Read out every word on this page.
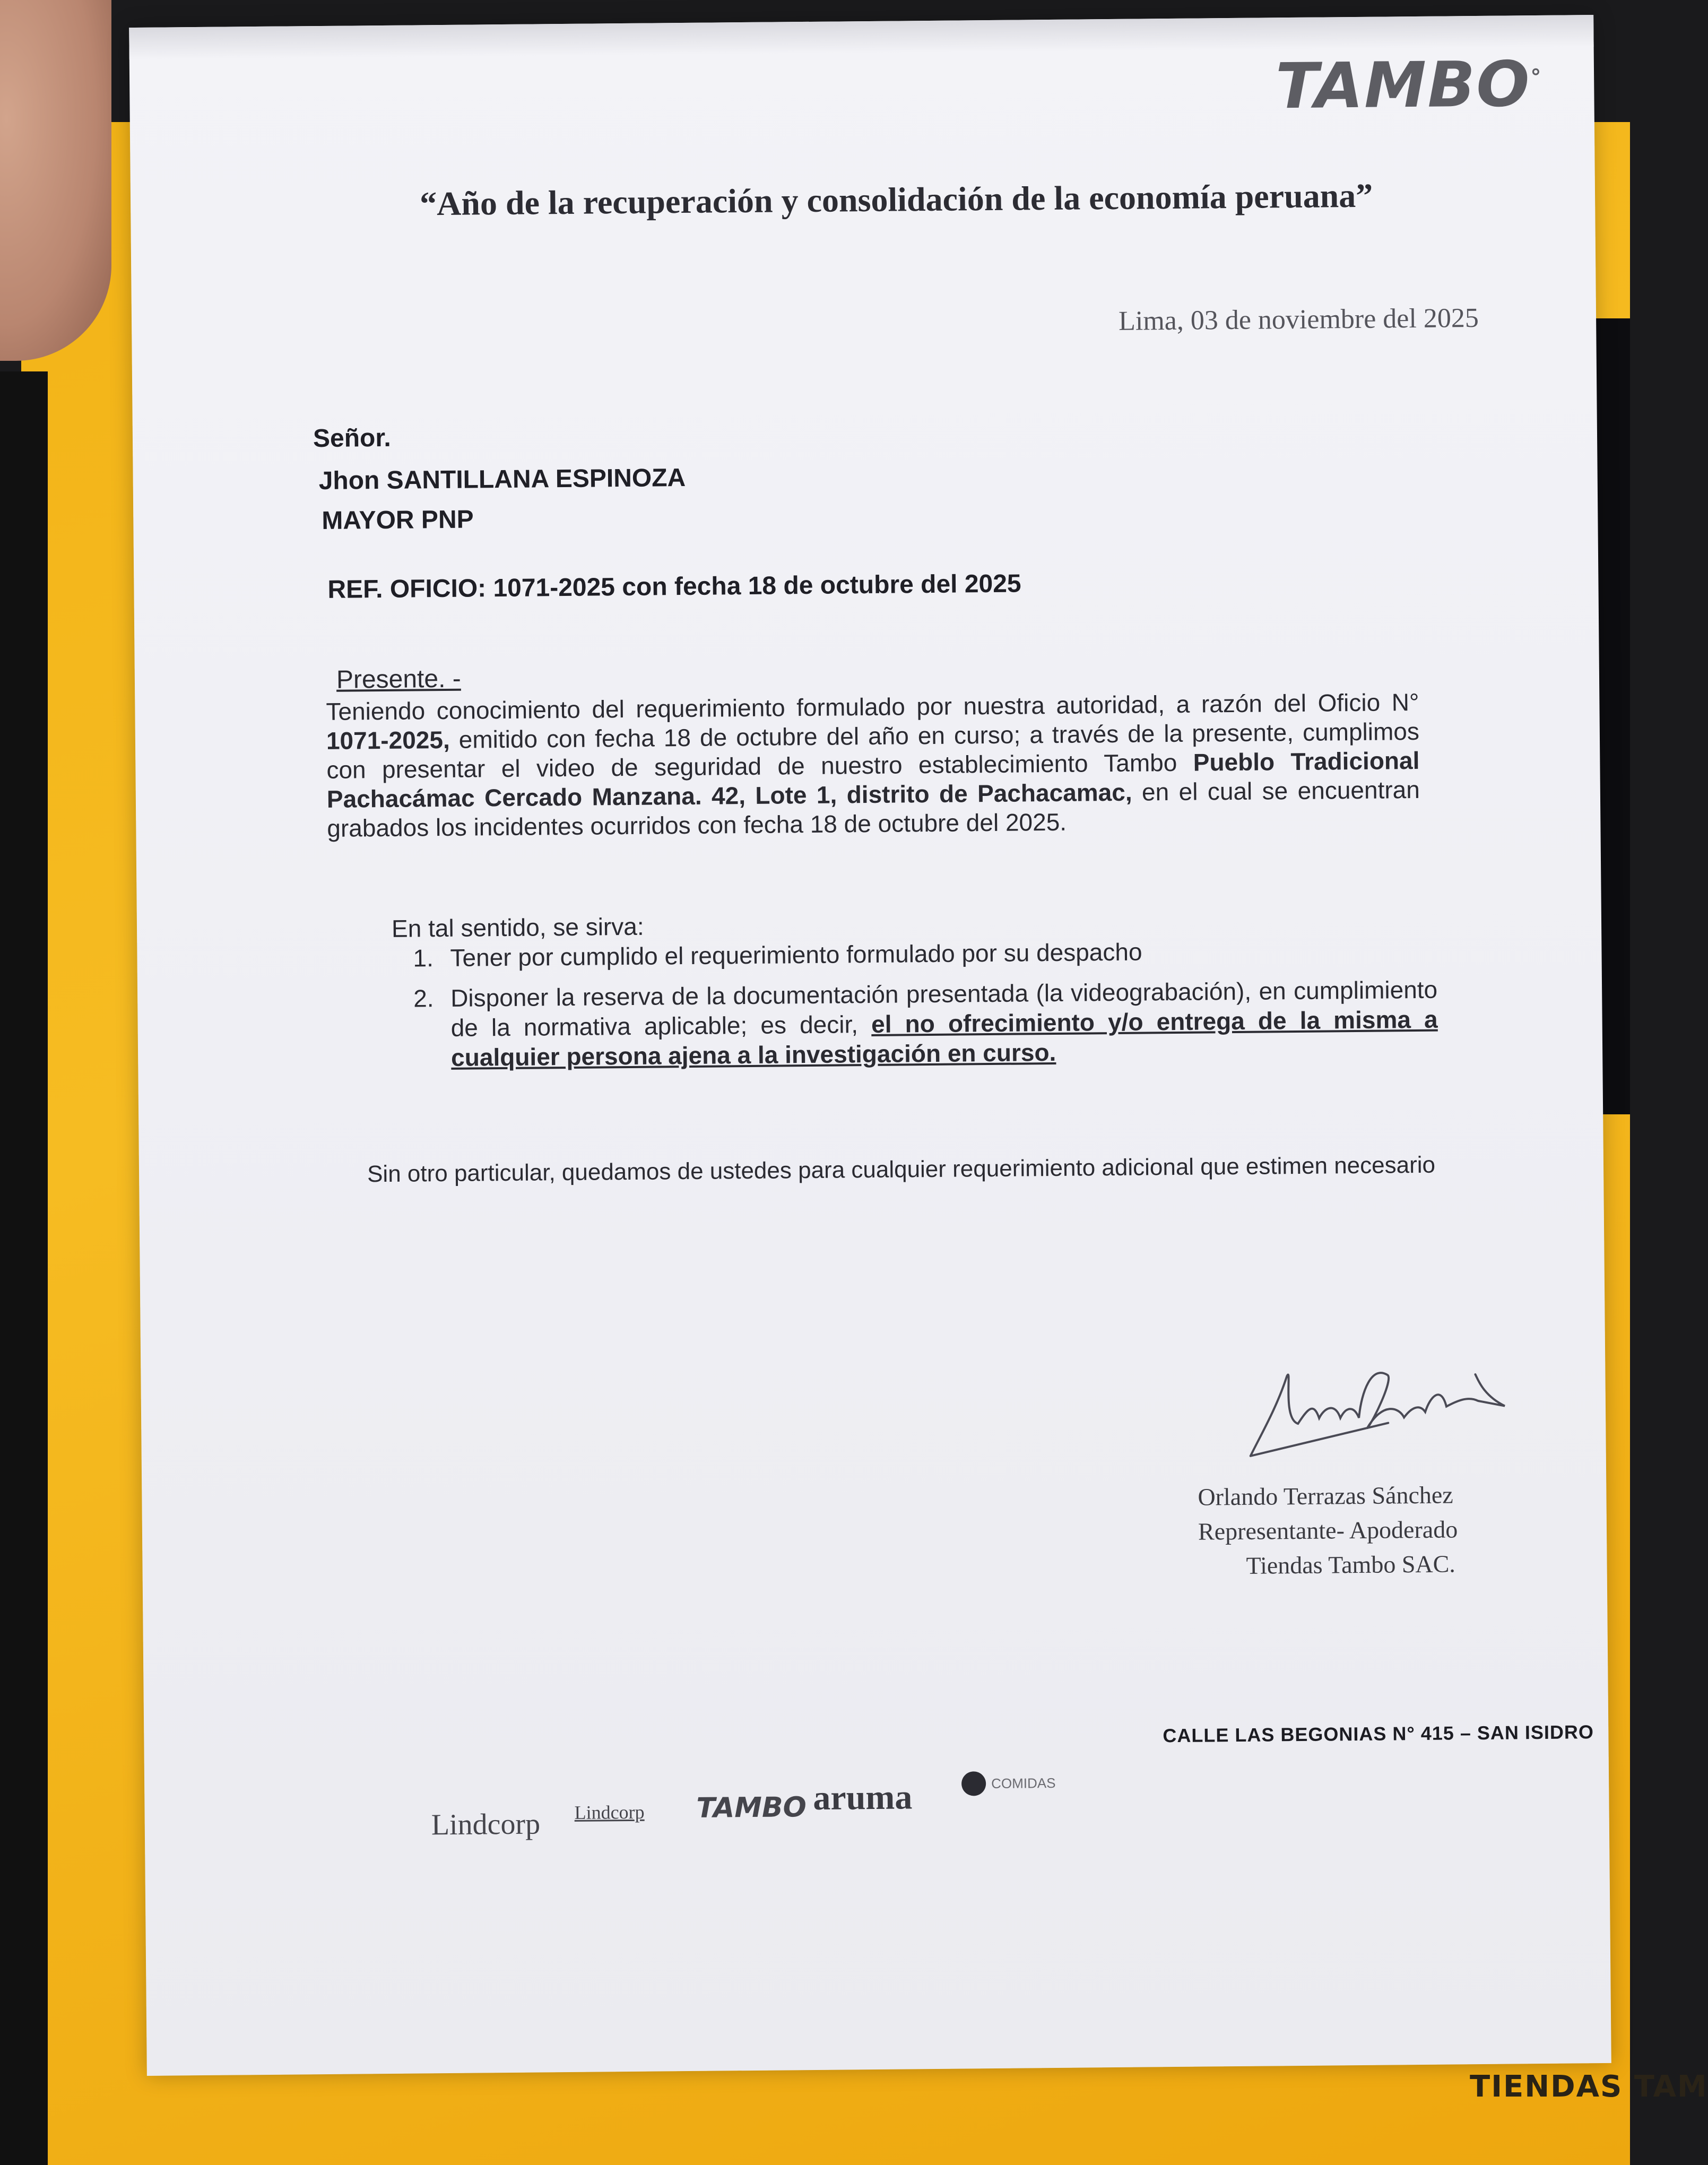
TIENDAS TAM
TAMBO°
“Año de la recuperación y consolidación de la economía peruana”
Lima, 03 de noviembre del 2025
Señor.
Jhon SANTILLANA ESPINOZA
MAYOR PNP
REF. OFICIO: 1071-2025 con fecha 18 de octubre del 2025
Presente. -
Teniendo conocimiento del requerimiento formulado por nuestra autoridad, a razón del Oficio N° 1071-2025, emitido con fecha 18 de octubre del año en curso; a través de la presente, cumplimos con presentar el video de seguridad de nuestro establecimiento Tambo Pueblo Tradicional Pachacámac Cercado Manzana. 42, Lote 1, distrito de Pachacamac, en el cual se encuentran grabados los incidentes ocurridos con fecha 18 de octubre del 2025.
En tal sentido, se sirva:
1. Tener por cumplido el requerimiento formulado por su despacho
2. Disponer la reserva de la documentación presentada (la videograbación), en cumplimiento de la normativa aplicable; es decir, el no ofrecimiento y/o entrega de la misma a cualquier persona ajena a la investigación en curso.
Sin otro particular, quedamos de ustedes para cualquier requerimiento adicional que estimen necesario
Orlando Terrazas Sánchez
Representante- Apoderado
Tiendas Tambo SAC.
CALLE LAS BEGONIAS N° 415 – SAN ISIDRO
Lindcorp Lindcorp TAMBO aruma	COMIDAS
